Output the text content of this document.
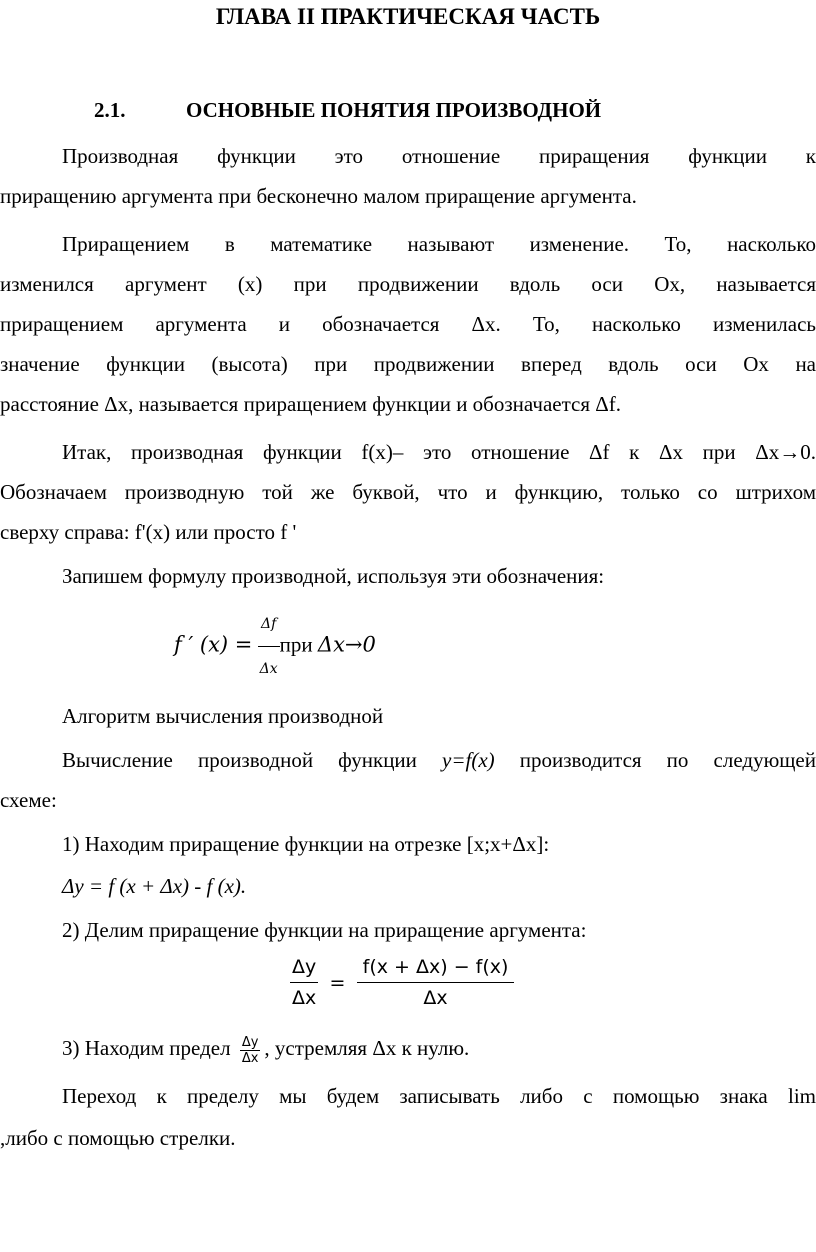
ГЛАВА II ПРАКТИЧЕСКАЯ ЧАСТЬ
2.1.	ОСНОВНЫЕ ПОНЯТИЯ ПРОИЗВОДНОЙ
Производная функции это отношение приращения функции к
приращению аргумента при бесконечно малом приращение аргумента.
Приращением в математике называют изменение. То, насколько
изменился аргумент (x) при продвижении вдоль оси Ox, называется
приращением аргумента и обозначается Δx. То, насколько изменилась
значение функции (высота) при продвижении вперед вдоль оси Ox на
расстояние Δx, называется приращением функции и обозначается Δf.
Итак, производная функции f(x)– это отношение Δf к Δx при Δx→0.
Обозначаем производную той же буквой, что и функцию, только со штрихом
сверху справа: f'(x) или просто f '
Запишем формулу производной, используя эти обозначения:
f ′ $(x) = \frac{\Delta f}{\Delta x}$ при Δx→0
Алгоритм вычисления производной
Вычисление производной функции y=f(x) производится по следующей
схеме:
1) Находим приращение функции на отрезке [x;x+Δx]:
Δy = f (x + Δx) - f (x).
2) Делим приращение функции на приращение аргумента:
$\frac{\Delta y}{\Delta x} = \frac{f(x + \Delta x) - f(x)}{\Delta x}$
3) Находим предел $\frac{\Delta y}{\Delta x}$ , устремляя Δx к нулю.
Переход к пределу мы будем записывать либо с помощью знака lim
,либо с помощью стрелки.
